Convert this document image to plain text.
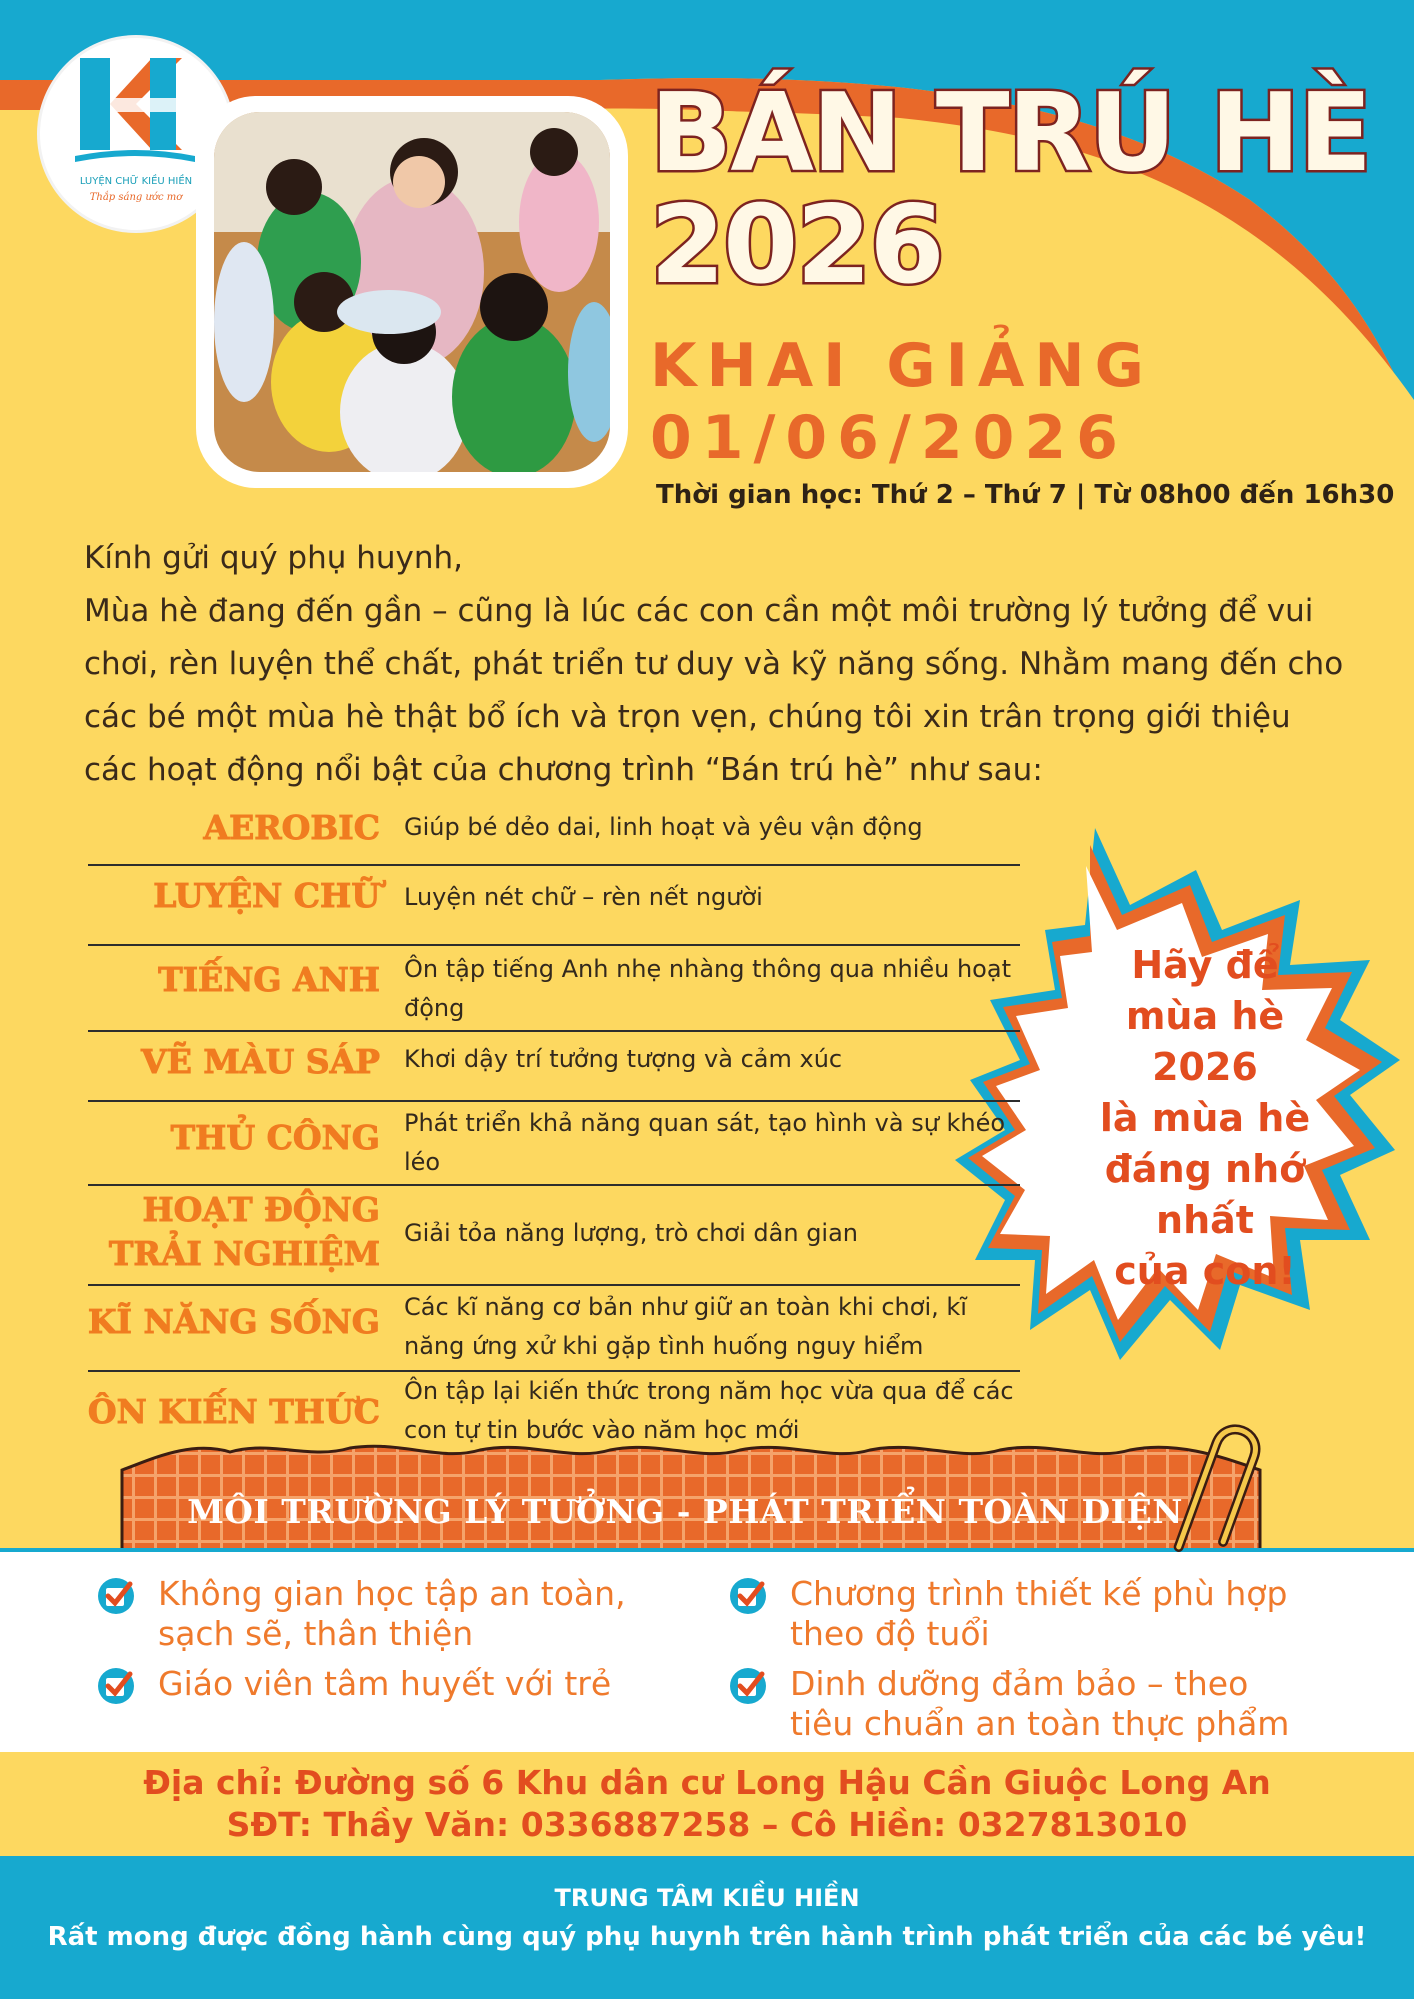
LUYỆN CHỮ KIỀU HIỀN
Thắp sáng ước mơ
BÁN TRÚ HÈ
2026
KHAI GIẢNG
01/06/2026
Thời gian học: Thứ 2 – Thứ 7 | Từ 08h00 đến 16h30

Kính gửi quý phụ huynh,

Mùa hè đang đến gần – cũng là lúc các con cần một môi trường lý tưởng để vui chơi, rèn luyện thể chất, phát triển tư duy và kỹ năng sống. Nhằm mang đến cho các bé một mùa hè thật bổ ích và trọn vẹn, chúng tôi xin trân trọng giới thiệu các hoạt động nổi bật của chương trình “Bán trú hè” như sau:

AEROBIC Giúp bé dẻo dai, linh hoạt và yêu vận động
LUYỆN CHỮ Luyện nét chữ – rèn nết người
TIẾNG ANH Ôn tập tiếng Anh nhẹ nhàng thông qua nhiều hoạt động
VẼ MÀU SÁP Khơi dậy trí tưởng tượng và cảm xúc
THỦ CÔNG Phát triển khả năng quan sát, tạo hình và sự khéo léo
HOẠT ĐỘNG TRẢI NGHIỆM
Giải tỏa năng lượng, trò chơi dân gian
KĨ NĂNG SỐNG Các kĩ năng cơ bản như giữ an toàn khi chơi, kĩ năng ứng xử khi gặp tình huống nguy hiểm
ÔN KIẾN THỨC
Ôn tập lại kiến thức trong năm học vừa qua để các con tự tin bước vào năm học mới
Hãy để
mùa hè
2026
là mùa hè
đáng nhớ
nhất
của con!
MÔI TRƯỜNG LÝ TƯỞNG - PHÁT TRIỂN TOÀN DIỆN
Không gian học tập an toàn,
sạch sẽ, thân thiện
Chương trình thiết kế phù hợp
theo độ tuổi
Giáo viên tâm huyết với trẻ	Dinh dưỡng đảm bảo – theo
tiêu chuẩn an toàn thực phẩm
Địa chỉ: Đường số 6 Khu dân cư Long Hậu Cần Giuộc Long An
SĐT: Thầy Văn: 0336887258 – Cô Hiền: 0327813010
TRUNG TÂM KIỀU HIỀN
Rất mong được đồng hành cùng quý phụ huynh trên hành trình phát triển của các bé yêu!
